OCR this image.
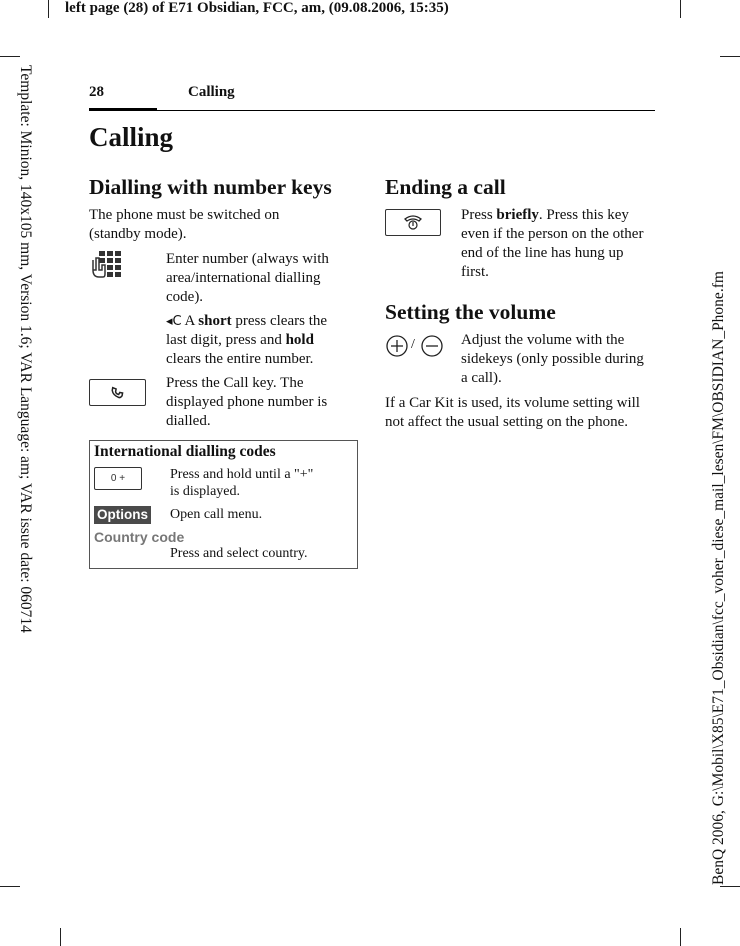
left page (28) of E71 Obsidian, FCC, am, (09.08.2006, 15:35)
Template: Minion, 140x105 mm, Version 1.6; VAR Language: am; VAR issue date: 060714	BenQ 2006, G:\Mobil\X85\E71_Obsidian\fcc_voher_diese_mail_lesen\FM\OBSIDIAN_Phone.fm
28	Calling
Calling
Dialling with number keys
The phone must be switched on (standby mode).
Enter number (always with area/international dialling code).
◂C A short press clears the last digit, press and hold clears the entire number.
Press the Call key. The displayed phone number is dialled.
International dialling codes
0 +	Press and hold until a "+"
is displayed.
Options Open call menu.
Country code
Press and select country.
Ending a call
Press briefly. Press this key even if the person on the other end of the line has hung up first.
Setting the volume
/	Adjust the volume with the sidekeys (only possible during a call).
If a Car Kit is used, its volume setting will not affect the usual setting on the phone.
